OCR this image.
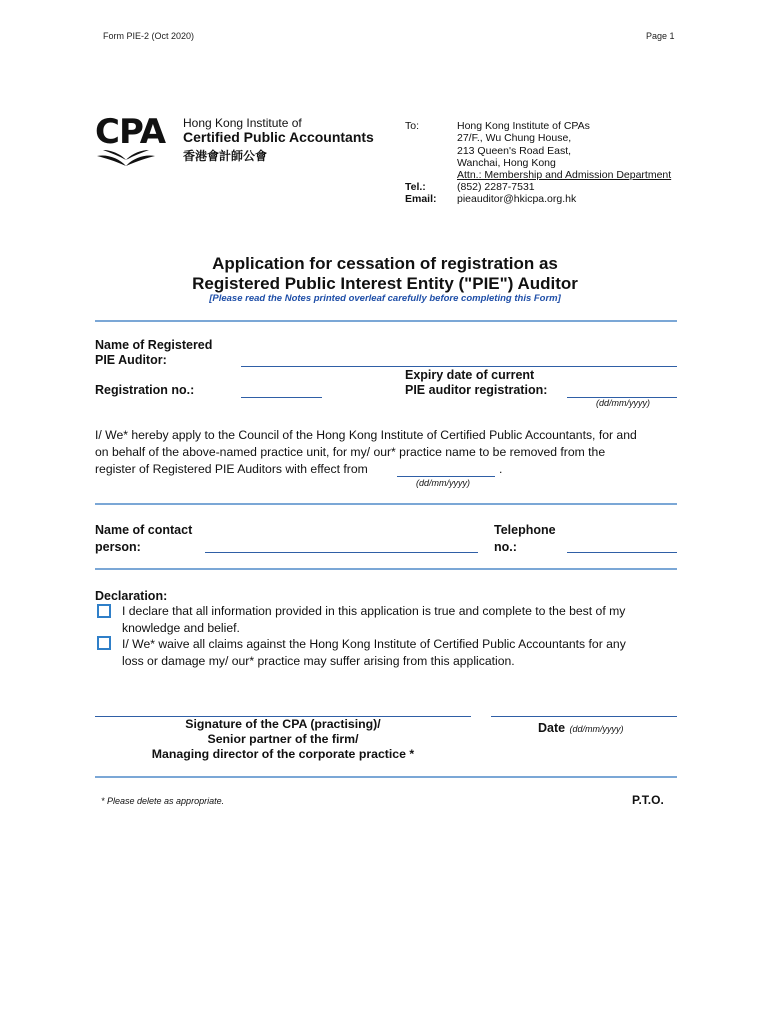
Form PIE-2 (Oct 2020)	Page 1
CPA Hong Kong Institute of
Certified Public Accountants
香港會計師公會
To:	Hong Kong Institute of CPAs
27/F., Wu Chung House,
213 Queen's Road East,
Wanchai, Hong Kong
Attn.: Membership and Admission Department
Tel.:	(852) 2287-7531
Email: pieauditor@hkicpa.org.hk
Application for cessation of registration as
Registered Public Interest Entity ("PIE") Auditor
[Please read the Notes printed overleaf carefully before completing this Form]
Name of Registered
PIE Auditor:
Registration no.:
Expiry date of current
PIE auditor registration:
(dd/mm/yyyy)
I/ We* hereby apply to the Council of the Hong Kong Institute of Certified Public Accountants, for and
on behalf of the above-named practice unit, for my/ our* practice name to be removed from the
register of Registered PIE Auditors with effect from	.
(dd/mm/yyyy)
Name of contact
person:
Telephone
no.:
Declaration:
I declare that all information provided in this application is true and complete to the best of my
knowledge and belief.
I/ We* waive all claims against the Hong Kong Institute of Certified Public Accountants for any
loss or damage my/ our* practice may suffer arising from this application.
Signature of the CPA (practising)/
Senior partner of the firm/
Managing director of the corporate practice *
Date (dd/mm/yyyy)
* Please delete as appropriate.	P.T.O.
